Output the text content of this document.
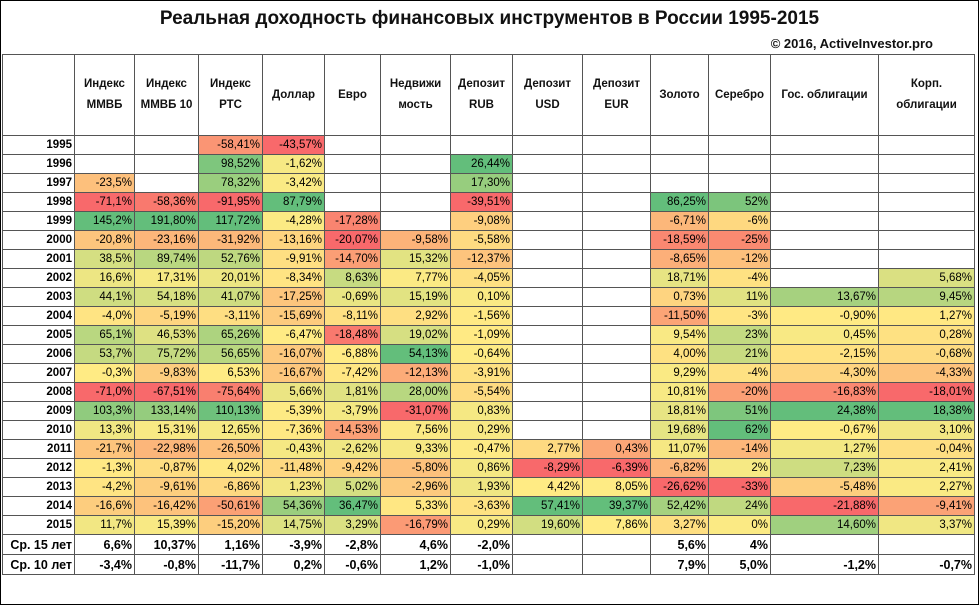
Реальная доходность финансовых инструментов в России 1995-2015
© 2016, ActiveInvestor.pro
	Индекс ММВБ	Индекс ММВБ 10	Индекс РТС	Доллар	Евро	Недвижи мость	Депозит RUB	Депозит USD	Депозит EUR	Золото	Серебро	Гос. облигации	Корп. облигации
1995			-58,41%	-43,57%									
1996			98,52%	-1,62%			26,44%						
1997	-23,5%		78,32%	-3,42%			17,30%						
1998	-71,1%	-58,36%	-91,95%	87,79%			-39,51%			86,25%	52%		
1999	145,2%	191,80%	117,72%	-4,28%	-17,28%		-9,08%			-6,71%	-6%		
2000	-20,8%	-23,16%	-31,92%	-13,16%	-20,07%	-9,58%	-5,58%			-18,59%	-25%		
2001	38,5%	89,74%	52,76%	-9,91%	-14,70%	15,32%	-12,37%			-8,65%	-12%		
2002	16,6%	17,31%	20,01%	-8,34%	8,63%	7,77%	-4,05%			18,71%	-4%		5,68%
2003	44,1%	54,18%	41,07%	-17,25%	-0,69%	15,19%	0,10%			0,73%	11%	13,67%	9,45%
2004	-4,0%	-5,19%	-3,11%	-15,69%	-8,11%	2,92%	-1,56%			-11,50%	-3%	-0,90%	1,27%
2005	65,1%	46,53%	65,26%	-6,47%	-18,48%	19,02%	-1,09%			9,54%	23%	0,45%	0,28%
2006	53,7%	75,72%	56,65%	-16,07%	-6,88%	54,13%	-0,64%			4,00%	21%	-2,15%	-0,68%
2007	-0,3%	-9,83%	6,53%	-16,67%	-7,42%	-12,13%	-3,91%			9,29%	-4%	-4,30%	-4,33%
2008	-71,0%	-67,51%	-75,64%	5,66%	1,81%	28,00%	-5,54%			10,81%	-20%	-16,83%	-18,01%
2009	103,3%	133,14%	110,13%	-5,39%	-3,79%	-31,07%	0,83%			18,81%	51%	24,38%	18,38%
2010	13,3%	15,31%	12,65%	-7,36%	-14,53%	7,56%	0,29%			19,68%	62%	-0,67%	3,10%
2011	-21,7%	-22,98%	-26,50%	-0,43%	-2,62%	9,33%	-0,47%	2,77%	0,43%	11,07%	-14%	1,27%	-0,04%
2012	-1,3%	-0,87%	4,02%	-11,48%	-9,42%	-5,80%	0,86%	-8,29%	-6,39%	-6,82%	2%	7,23%	2,41%
2013	-4,2%	-9,61%	-6,86%	1,23%	5,02%	-2,96%	1,93%	4,42%	8,05%	-26,62%	-33%	-5,48%	2,27%
2014	-16,6%	-16,42%	-50,61%	54,36%	36,47%	5,33%	-3,63%	57,41%	39,37%	52,42%	24%	-21,88%	-9,41%
2015	11,7%	15,39%	-15,20%	14,75%	3,29%	-16,79%	0,29%	19,60%	7,86%	3,27%	0%	14,60%	3,37%
Ср. 15 лет	6,6%	10,37%	1,16%	-3,9%	-2,8%	4,6%	-2,0%			5,6%	4%		
Ср. 10 лет	-3,4%	-0,8%	-11,7%	0,2%	-0,6%	1,2%	-1,0%			7,9%	5,0%	-1,2%	-0,7%
